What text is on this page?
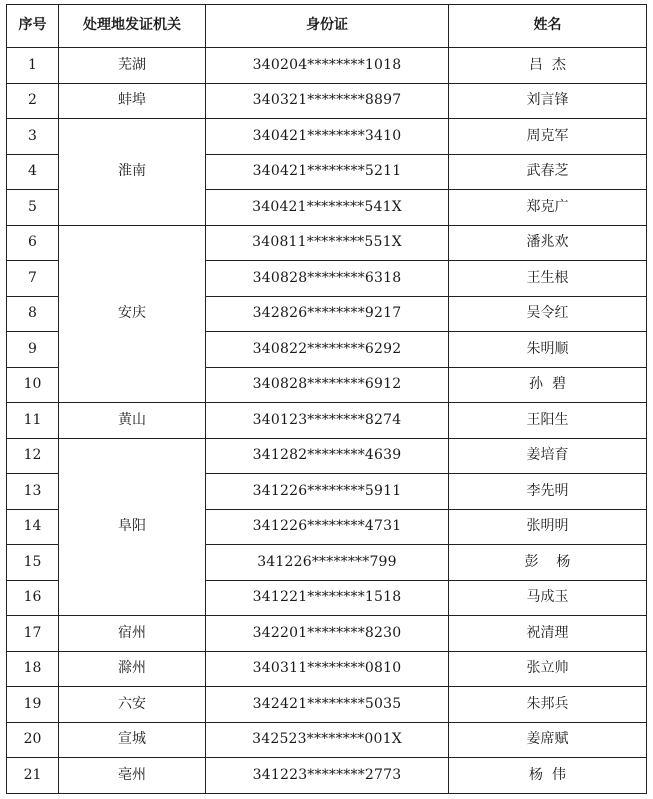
序号	处理地发证机关	身份证	姓名
1	芜湖	340204********1018	吕  杰
2	蚌埠	340321********8897	刘言锋
3	淮南	340421********3410	周克军
4		340421********5211	武春芝
5		340421********541X	郑克广
6	安庆	340811********551X	潘兆欢
7		340828********6318	王生根
8		342826********9217	吴令红
9		340822********6292	朱明顺
10		340828********6912	孙  碧
11	黄山	340123********8274	王阳生
12	阜阳	341282********4639	姜培育
13		341226********5911	李先明
14		341226********4731	张明明
15		341226********799	彭    杨
16		341221********1518	马成玉
17	宿州	342201********8230	祝清理
18	滁州	340311********0810	张立帅
19	六安	342421********5035	朱邦兵
20	宣城	342523********001X	姜席赋
21	亳州	341223********2773	杨  伟
